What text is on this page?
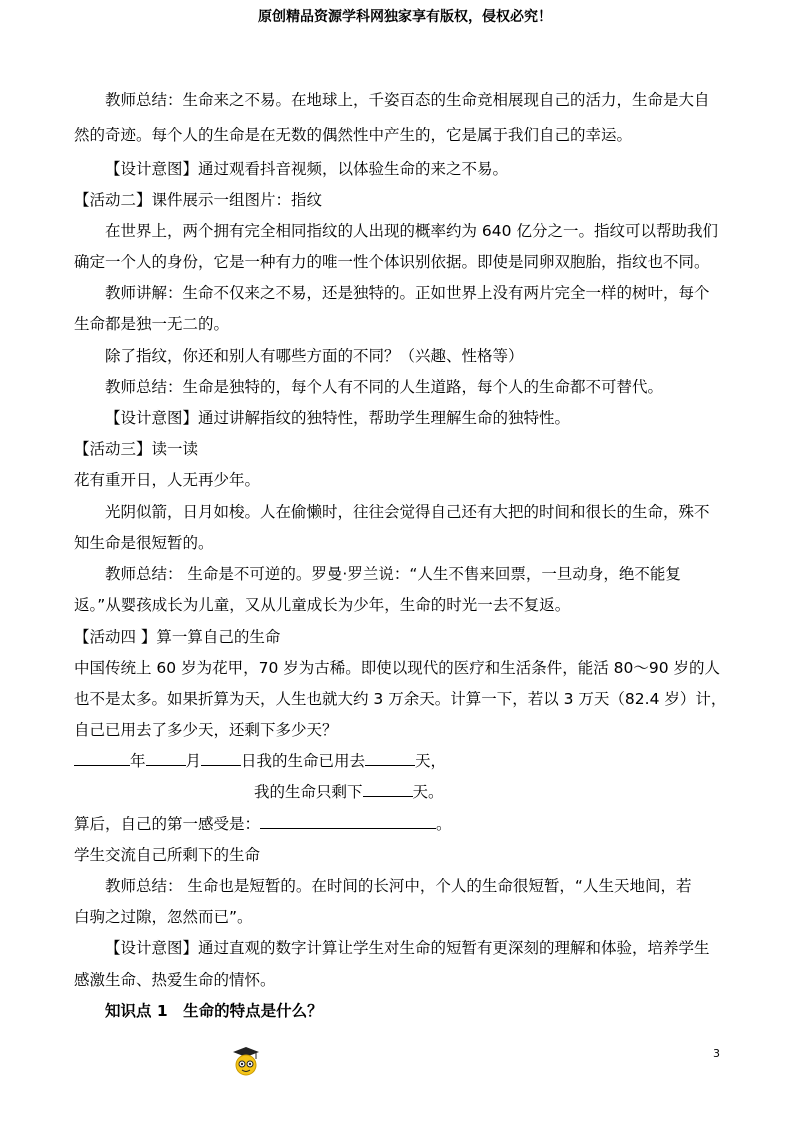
教师总结：生命来之不易。在地球上，千姿百态的生命竞相展现自己的活力，生命是大自
然的奇迹。每个人的生命是在无数的偶然性中产生的，它是属于我们自己的幸运。
【设计意图】通过观看抖音视频，以体验生命的来之不易。
【活动二】课件展示一组图片：指纹
在世界上，两个拥有完全相同指纹的人出现的概率约为 640 亿分之一。指纹可以帮助我们
确定一个人的身份，它是一种有力的唯一性个体识别依据。即使是同卵双胞胎，指纹也不同。
教师讲解：生命不仅来之不易，还是独特的。正如世界上没有两片完全一样的树叶，每个
生命都是独一无二的。
除了指纹，你还和别人有哪些方面的不同？（兴趣、性格等）
教师总结：生命是独特的，每个人有不同的人生道路，每个人的生命都不可替代。
【设计意图】通过讲解指纹的独特性，帮助学生理解生命的独特性。
【活动三】读一读
花有重开日，人无再少年。
光阴似箭，日月如梭。人在偷懒时，往往会觉得自己还有大把的时间和很长的生命，殊不
知生命是很短暂的。
教师总结： 生命是不可逆的。罗曼·罗兰说：“人生不售来回票，一旦动身，绝不能复
返。”从婴孩成长为儿童，又从儿童成长为少年，生命的时光一去不复返。
【活动四 】算一算自己的生命
中国传统上 60 岁为花甲，70 岁为古稀。即使以现代的医疗和生活条件，能活 80～90 岁的人
也不是太多。如果折算为天，人生也就大约 3 万余天。计算一下，若以 3 万天（82.4 岁）计，
自己已用去了多少天，还剩下多少天？
年	月	日我的生命已用去	天，
我的生命只剩下	天。
算后，自己的第一感受是：	。
学生交流自己所剩下的生命
教师总结： 生命也是短暂的。在时间的长河中，个人的生命很短暂，“人生天地间，若
白驹之过隙，忽然而已”。
【设计意图】通过直观的数字计算让学生对生命的短暂有更深刻的理解和体验，培养学生
感激生命、热爱生命的情怀。
知识点 1　生命的特点是什么？
原创精品资源学科网独家享有版权，侵权必究！
3
